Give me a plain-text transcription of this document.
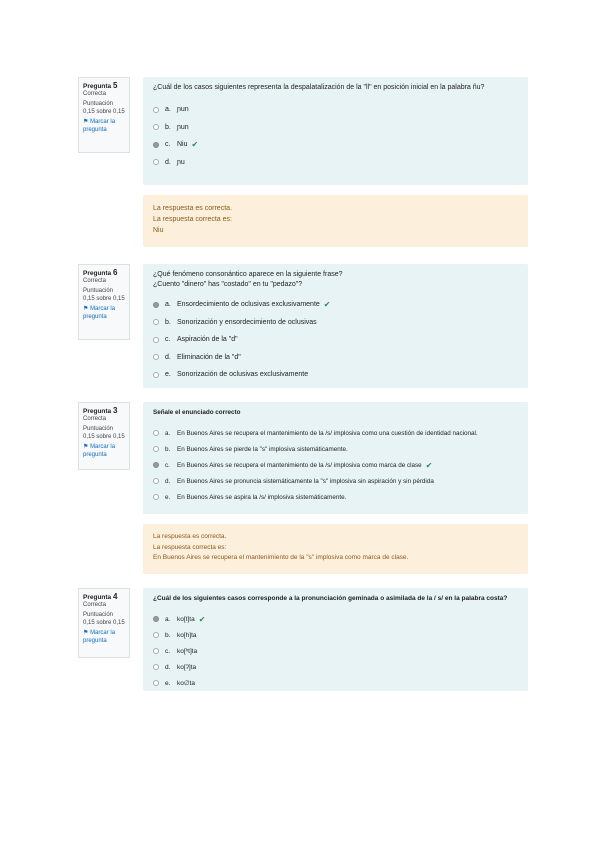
Pregunta 5
Correcta
Puntuación 0,15 sobre 0,15
⚑ Marcar la pregunta
¿Cuál de los casos siguientes representa la despalatalización de la "ll" en posición inicial en la palabra ñu?
a. ɲun
b. ɲun
c. Niu ✔
d. ɲu
La respuesta es correcta.
La respuesta correcta es:
Niu
Pregunta 6
Correcta
Puntuación 0,15 sobre 0,15
⚑ Marcar la pregunta
¿Qué fenómeno consonántico aparece en la siguiente frase?
¿Cuento "dinero" has "costado" en tu "pedazo"?
a. Ensordecimiento de oclusivas exclusivamente ✔
b. Sonorización y ensordecimiento de oclusivas
c. Aspiración de la "d"
d. Eliminación de la "d"
e. Sonorización de oclusivas exclusivamente
Pregunta 3
Correcta
Puntuación 0,15 sobre 0,15
⚑ Marcar la pregunta
Señale el enunciado correcto
a.	En Buenos Aires se recupera el mantenimiento de la /s/ implosiva como una cuestión de identidad nacional.
b.	En Buenos Aires se pierde la "s" implosiva sistemáticamente.
c.	En Buenos Aires se recupera el mantenimiento de la /s/ implosiva como marca de clase ✔
d.	En Buenos Aires se pronuncia sistemáticamente la "s" implosiva sin aspiración y sin pérdida
e.	En Buenos Aires se aspira la /s/ implosiva sistemáticamente.
La respuesta es correcta.
La respuesta correcta es:
En Buenos Aires se recupera el mantenimiento de la "s" implosiva como marca de clase.
Pregunta 4
Correcta
Puntuación 0,15 sobre 0,15
⚑ Marcar la pregunta
¿Cuál de los siguientes casos corresponde a la pronunciación geminada o asimilada de la / s/ en la palabra costa?
a.	ko[t]ta ✔
b.	ko[h]ta
c.	ko[ʰt]ta
d.	ko[ʔ]ta
e.	ko∅ta
